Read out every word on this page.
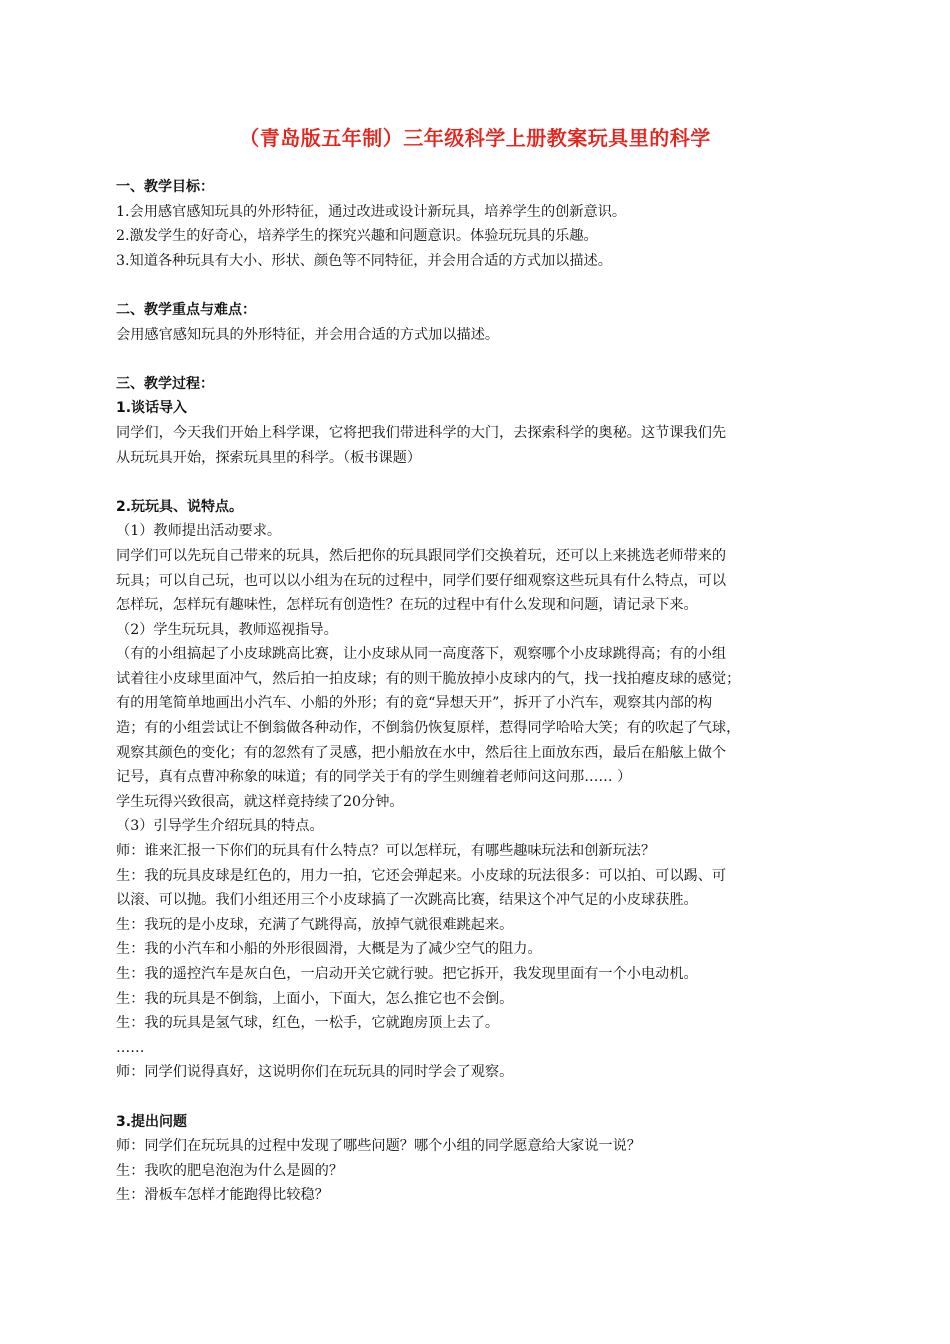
（青岛版五年制）三年级科学上册教案玩具里的科学
一、教学目标：
1.会用感官感知玩具的外形特征，通过改进或设计新玩具，培养学生的创新意识。
2.激发学生的好奇心，培养学生的探究兴趣和问题意识。体验玩玩具的乐趣。
3.知道各种玩具有大小、形状、颜色等不同特征，并会用合适的方式加以描述。
二、教学重点与难点：
会用感官感知玩具的外形特征，并会用合适的方式加以描述。
三、教学过程：
1.谈话导入
同学们，今天我们开始上科学课，它将把我们带进科学的大门，去探索科学的奥秘。这节课我们先
从玩玩具开始，探索玩具里的科学。（板书课题）
2.玩玩具、说特点。
（1）教师提出活动要求。
同学们可以先玩自己带来的玩具，然后把你的玩具跟同学们交换着玩，还可以上来挑选老师带来的
玩具；可以自己玩，也可以以小组为在玩的过程中，同学们要仔细观察这些玩具有什么特点，可以
怎样玩，怎样玩有趣味性，怎样玩有创造性？在玩的过程中有什么发现和问题，请记录下来。
（2）学生玩玩具，教师巡视指导。
（有的小组搞起了小皮球跳高比赛，让小皮球从同一高度落下，观察哪个小皮球跳得高；有的小组
试着往小皮球里面冲气，然后拍一拍皮球；有的则干脆放掉小皮球内的气，找一找拍瘪皮球的感觉；
有的用笔简单地画出小汽车、小船的外形；有的竟“异想天开”，拆开了小汽车，观察其内部的构
造；有的小组尝试让不倒翁做各种动作，不倒翁仍恢复原样，惹得同学哈哈大笑；有的吹起了气球，
观察其颜色的变化；有的忽然有了灵感，把小船放在水中，然后往上面放东西，最后在船舷上做个
记号，真有点曹冲称象的味道；有的同学关于有的学生则缠着老师问这问那…… ）
学生玩得兴致很高，就这样竟持续了20分钟。
（3）引导学生介绍玩具的特点。
师：谁来汇报一下你们的玩具有什么特点？可以怎样玩，有哪些趣味玩法和创新玩法？
生：我的玩具皮球是红色的，用力一拍，它还会弹起来。小皮球的玩法很多：可以拍、可以踢、可
以滚、可以抛。我们小组还用三个小皮球搞了一次跳高比赛，结果这个冲气足的小皮球获胜。
生：我玩的是小皮球，充满了气跳得高，放掉气就很难跳起来。
生：我的小汽车和小船的外形很圆滑，大概是为了减少空气的阻力。
生：我的遥控汽车是灰白色，一启动开关它就行驶。把它拆开，我发现里面有一个小电动机。
生：我的玩具是不倒翁，上面小，下面大，怎么推它也不会倒。
生：我的玩具是氢气球，红色，一松手，它就跑房顶上去了。
……
师：同学们说得真好，这说明你们在玩玩具的同时学会了观察。
3.提出问题
师：同学们在玩玩具的过程中发现了哪些问题？哪个小组的同学愿意给大家说一说？
生：我吹的肥皂泡泡为什么是圆的？
生：滑板车怎样才能跑得比较稳？
